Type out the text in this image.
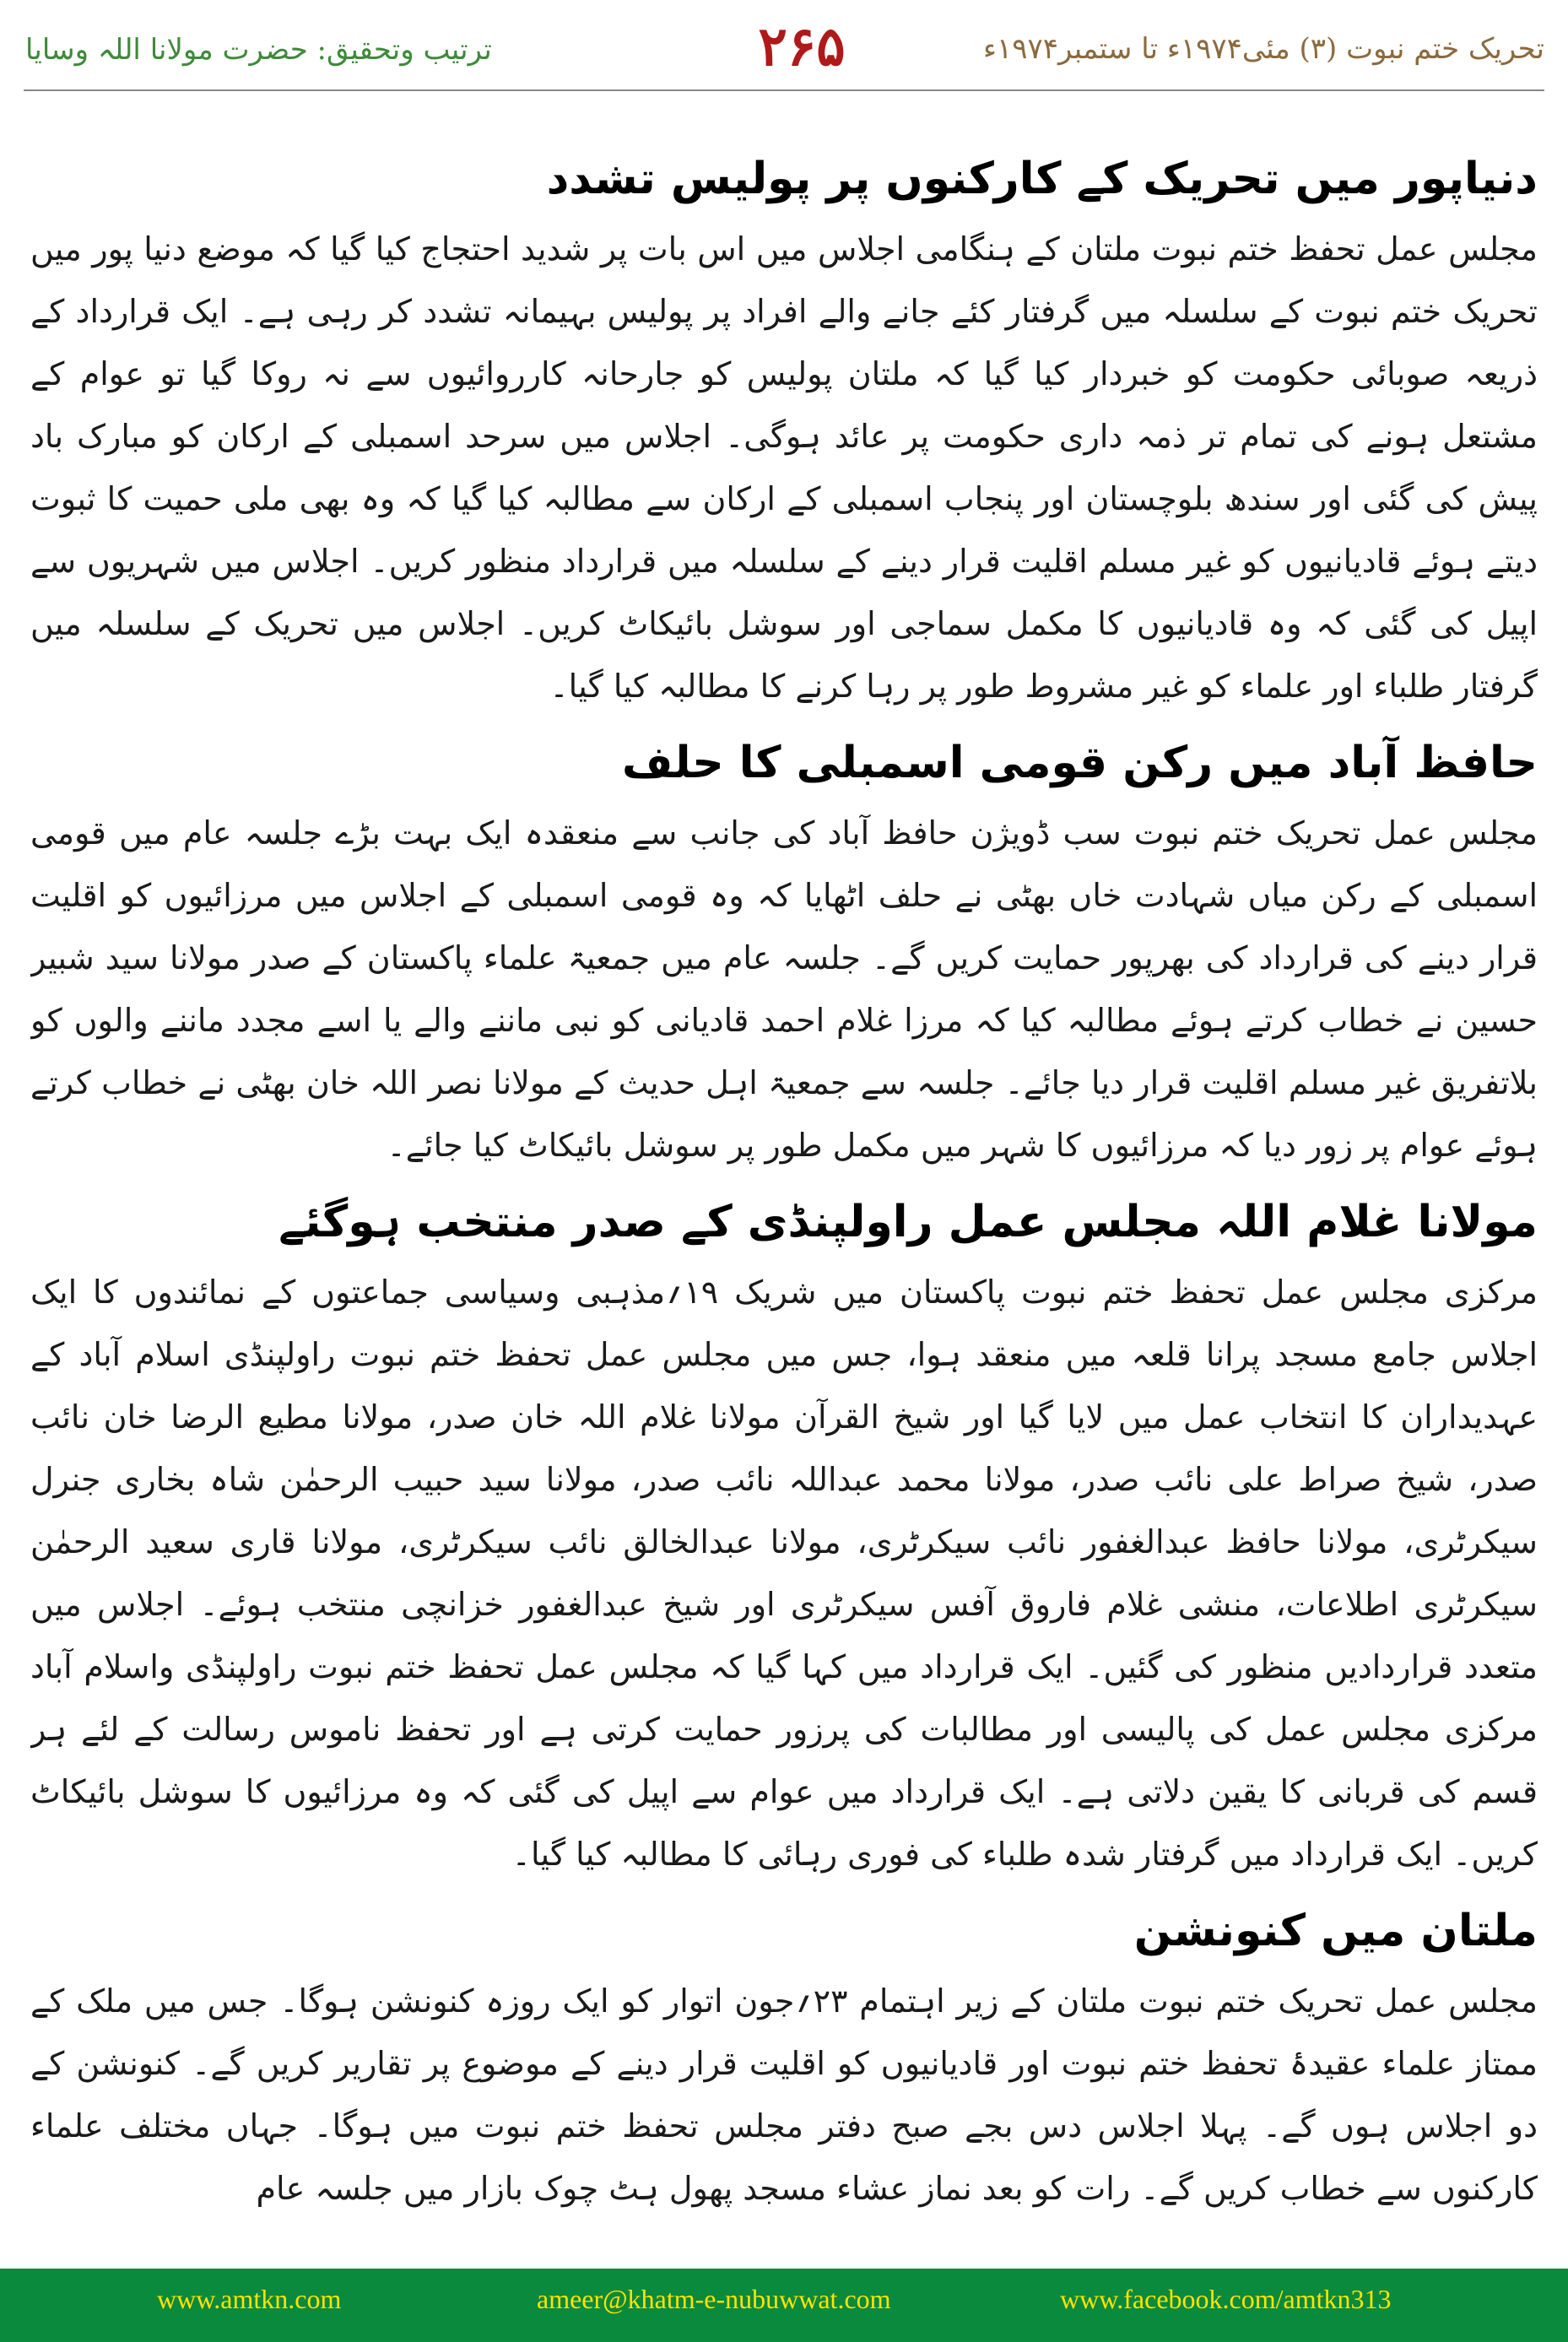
تحریک ختم نبوت (۳) مئی۱۹۷۴ء تا ستمبر۱۹۷۴ء
۲۶۵
ترتیب وتحقیق: حضرت مولانا اللہ وسایا
دنیاپور میں تحریک کے کارکنوں پر پولیس تشدد

مجلس عمل تحفظ ختم نبوت ملتان کے ہنگامی اجلاس میں اس بات پر شدید احتجاج کیا گیا کہ موضع دنیا پور میں تحریک ختم نبوت کے سلسلہ میں گرفتار کئے جانے والے افراد پر پولیس بہیمانہ تشدد کر رہی ہے۔ ایک قرارداد کے ذریعہ صوبائی حکومت کو خبردار کیا گیا کہ ملتان پولیس کو جارحانہ کارروائیوں سے نہ روکا گیا تو عوام کے مشتعل ہونے کی تمام تر ذمہ داری حکومت پر عائد ہوگی۔ اجلاس میں سرحد اسمبلی کے ارکان کو مبارک باد پیش کی گئی اور سندھ بلوچستان اور پنجاب اسمبلی کے ارکان سے مطالبہ کیا گیا کہ وہ بھی ملی حمیت کا ثبوت دیتے ہوئے قادیانیوں کو غیر مسلم اقلیت قرار دینے کے سلسلہ میں قرارداد منظور کریں۔ اجلاس میں شہریوں سے اپیل کی گئی کہ وہ قادیانیوں کا مکمل سماجی اور سوشل بائیکاٹ کریں۔ اجلاس میں تحریک کے سلسلہ میں گرفتار طلباء اور علماء کو غیر مشروط طور پر رہا کرنے کا مطالبہ کیا گیا۔

حافظ آباد میں رکن قومی اسمبلی کا حلف

مجلس عمل تحریک ختم نبوت سب ڈویژن حافظ آباد کی جانب سے منعقدہ ایک بہت بڑے جلسہ عام میں قومی اسمبلی کے رکن میاں شہادت خاں بھٹی نے حلف اٹھایا کہ وہ قومی اسمبلی کے اجلاس میں مرزائیوں کو اقلیت قرار دینے کی قرارداد کی بھرپور حمایت کریں گے۔ جلسہ عام میں جمعیۃ علماء پاکستان کے صدر مولانا سید شبیر حسین نے خطاب کرتے ہوئے مطالبہ کیا کہ مرزا غلام احمد قادیانی کو نبی ماننے والے یا اسے مجدد ماننے والوں کو بلاتفریق غیر مسلم اقلیت قرار دیا جائے۔ جلسہ سے جمعیۃ اہل حدیث کے مولانا نصر اللہ خان بھٹی نے خطاب کرتے ہوئے عوام پر زور دیا کہ مرزائیوں کا شہر میں مکمل طور پر سوشل بائیکاٹ کیا جائے۔

مولانا غلام اللہ مجلس عمل راولپنڈی کے صدر منتخب ہوگئے

مرکزی مجلس عمل تحفظ ختم نبوت پاکستان میں شریک ۱۹؍مذہبی وسیاسی جماعتوں کے نمائندوں کا ایک اجلاس جامع مسجد پرانا قلعہ میں منعقد ہوا، جس میں مجلس عمل تحفظ ختم نبوت راولپنڈی اسلام آباد کے عہدیداران کا انتخاب عمل میں لایا گیا اور شیخ القرآن مولانا غلام اللہ خان صدر، مولانا مطیع الرضا خان نائب صدر، شیخ صراط علی نائب صدر، مولانا محمد عبداللہ نائب صدر، مولانا سید حبیب الرحمٰن شاہ بخاری جنرل سیکرٹری، مولانا حافظ عبدالغفور نائب سیکرٹری، مولانا عبدالخالق نائب سیکرٹری، مولانا قاری سعید الرحمٰن سیکرٹری اطلاعات، منشی غلام فاروق آفس سیکرٹری اور شیخ عبدالغفور خزانچی منتخب ہوئے۔ اجلاس میں متعدد قراردادیں منظور کی گئیں۔ ایک قرارداد میں کہا گیا کہ مجلس عمل تحفظ ختم نبوت راولپنڈی واسلام آباد مرکزی مجلس عمل کی پالیسی اور مطالبات کی پرزور حمایت کرتی ہے اور تحفظ ناموس رسالت کے لئے ہر قسم کی قربانی کا یقین دلاتی ہے۔ ایک قرارداد میں عوام سے اپیل کی گئی کہ وہ مرزائیوں کا سوشل بائیکاٹ کریں۔ ایک قرارداد میں گرفتار شدہ طلباء کی فوری رہائی کا مطالبہ کیا گیا۔

ملتان میں کنونشن

مجلس عمل تحریک ختم نبوت ملتان کے زیر اہتمام ۲۳؍جون اتوار کو ایک روزہ کنونشن ہوگا۔ جس میں ملک کے ممتاز علماء عقیدۂ تحفظ ختم نبوت اور قادیانیوں کو اقلیت قرار دینے کے موضوع پر تقاریر کریں گے۔ کنونشن کے دو اجلاس ہوں گے۔ پہلا اجلاس دس بجے صبح دفتر مجلس تحفظ ختم نبوت میں ہوگا۔ جہاں مختلف علماء کارکنوں سے خطاب کریں گے۔ رات کو بعد نماز عشاء مسجد پھول ہٹ چوک بازار میں جلسہ عام

www.amtkn.com	ameer@khatm-e-nubuwwat.com	www.facebook.com/amtkn313
